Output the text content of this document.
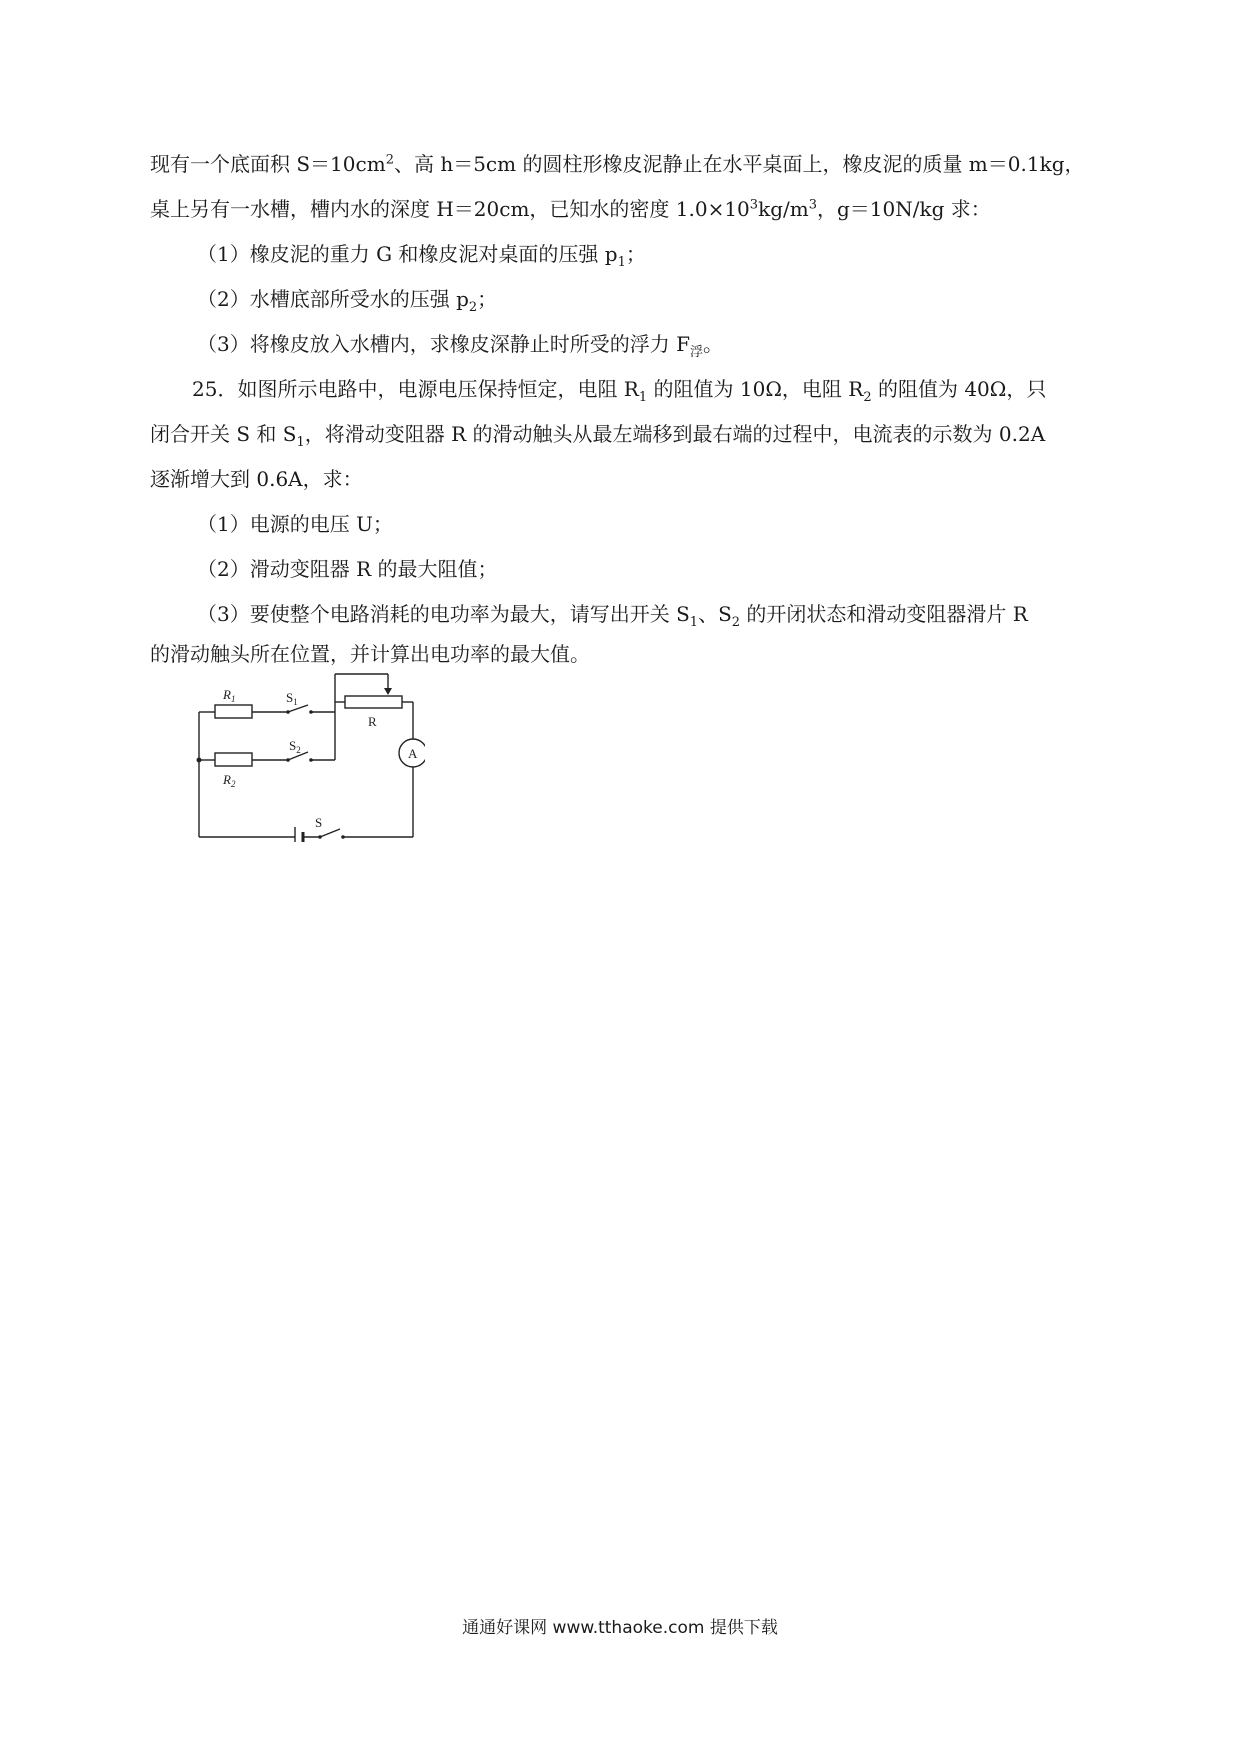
现有一个底面积 $S=10cm^2$、高 h＝5cm 的圆柱形橡皮泥静止在水平桌面上，橡皮泥的质量 m＝0.1kg，
桌上另有一水槽，槽内水的深度 H＝20cm，已知水的密度 $1.0\times 10^3kg/m^3$，g＝10N/kg 求：
（1）橡皮泥的重力 G 和橡皮泥对桌面的压强 $p_1$；
（2）水槽底部所受水的压强 $p_2$；
（3）将橡皮放入水槽内，求橡皮深静止时所受的浮力 $F_浮$。
25．如图所示电路中，电源电压保持恒定，电阻 $R_1$ 的阻值为 10Ω，电阻 $R_2$ 的阻值为 40Ω，只
闭合开关 S 和 $S_1$，将滑动变阻器 R 的滑动触头从最左端移到最右端的过程中，电流表的示数为 0.2A
逐渐增大到 0.6A，求：
（1）电源的电压 U；
（2）滑动变阻器 R 的最大阻值；
（3）要使整个电路消耗的电功率为最大，请写出开关 $S_1$、$S_2$ 的开闭状态和滑动变阻器滑片 R
的滑动触头所在位置，并计算出电功率的最大值。
$R_1$
$R_2$
$S_1$
$S_2$
S
R
A
通通好课网 www.tthaoke.com 提供下载
